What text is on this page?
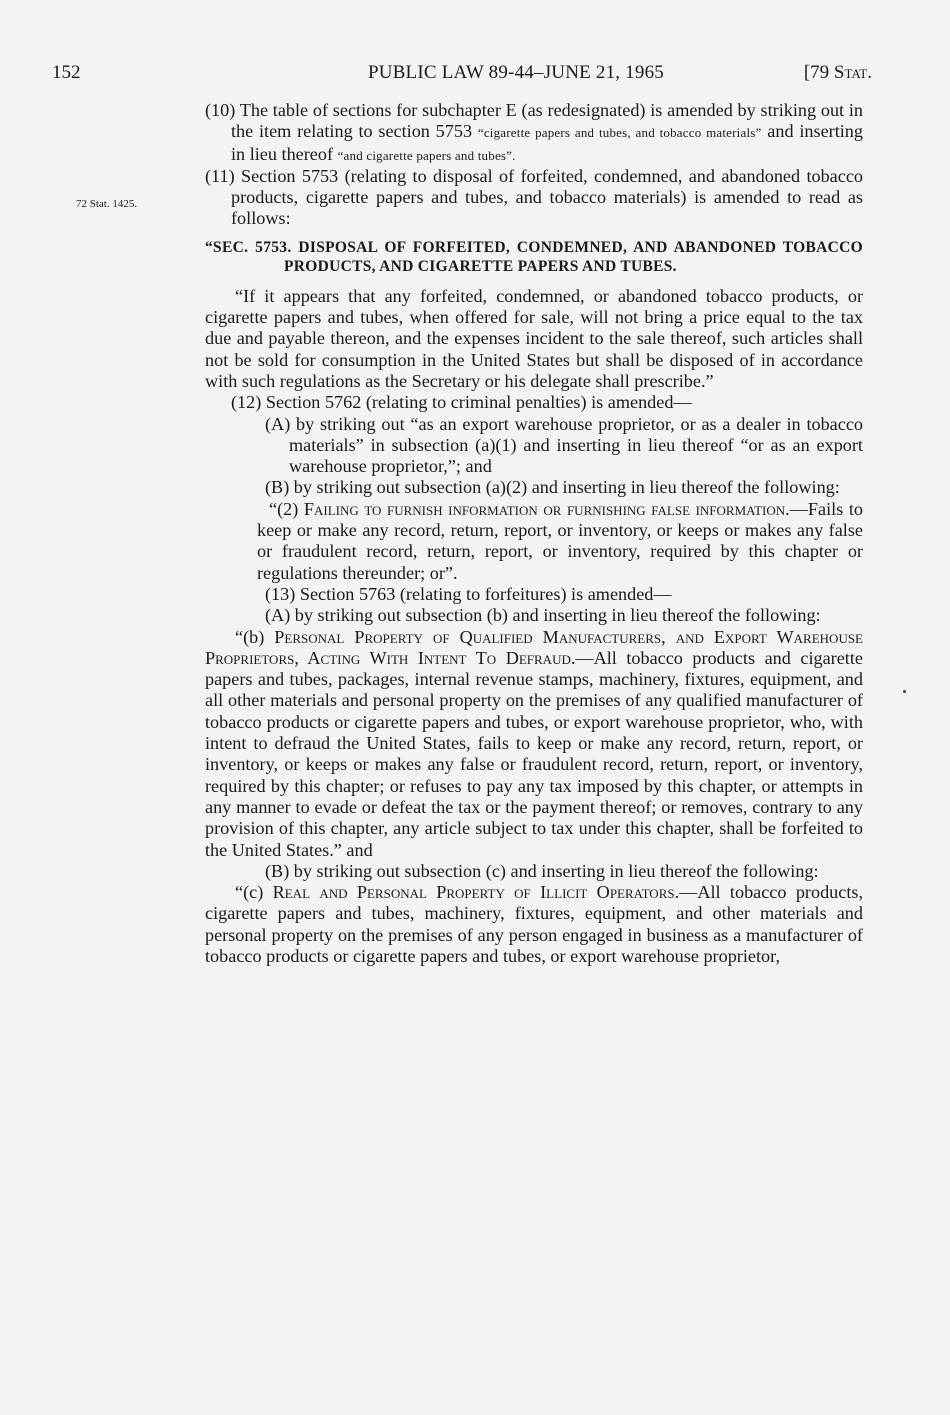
152	PUBLIC LAW 89-44–JUNE 21, 1965	[79 Stat.
72 Stat. 1425.

(10) The table of sections for subchapter E (as redesignated) is amended by striking out in the item relating to section 5753 “cigarette papers and tubes, and tobacco materials” and inserting in lieu thereof “and cigarette papers and tubes”.

(11) Section 5753 (relating to disposal of forfeited, condemned, and abandoned tobacco products, cigarette papers and tubes, and tobacco materials) is amended to read as follows:

“SEC. 5753. DISPOSAL OF FORFEITED, CONDEMNED, AND ABANDONED TOBACCO PRODUCTS, AND CIGARETTE PAPERS AND TUBES.

“If it appears that any forfeited, condemned, or abandoned tobacco products, or cigarette papers and tubes, when offered for sale, will not bring a price equal to the tax due and payable thereon, and the expenses incident to the sale thereof, such articles shall not be sold for consumption in the United States but shall be disposed of in accordance with such regulations as the Secretary or his delegate shall prescribe.”

(12) Section 5762 (relating to criminal penalties) is amended—

(A) by striking out “as an export warehouse proprietor, or as a dealer in tobacco materials” in subsection (a)(1) and inserting in lieu thereof “or as an export warehouse proprietor,”; and

(B) by striking out subsection (a)(2) and inserting in lieu thereof the following:

“(2) Failing to furnish information or furnishing false information.—Fails to keep or make any record, return, report, or inventory, or keeps or makes any false or fraudulent record, return, report, or inventory, required by this chapter or regulations thereunder; or”.

(13) Section 5763 (relating to forfeitures) is amended—

(A) by striking out subsection (b) and inserting in lieu thereof the following:

“(b) Personal Property of Qualified Manufacturers, and Export Warehouse Proprietors, Acting With Intent To Defraud.—All tobacco products and cigarette papers and tubes, packages, internal revenue stamps, machinery, fixtures, equipment, and all other materials and personal property on the premises of any qualified manufacturer of tobacco products or cigarette papers and tubes, or export warehouse proprietor, who, with intent to defraud the United States, fails to keep or make any record, return, report, or inventory, or keeps or makes any false or fraudulent record, return, report, or inventory, required by this chapter; or refuses to pay any tax imposed by this chapter, or attempts in any manner to evade or defeat the tax or the payment thereof; or removes, contrary to any provision of this chapter, any article subject to tax under this chapter, shall be forfeited to the United States.” and

(B) by striking out subsection (c) and inserting in lieu thereof the following:

“(c) Real and Personal Property of Illicit Operators.—All tobacco products, cigarette papers and tubes, machinery, fixtures, equipment, and other materials and personal property on the premises of any person engaged in business as a manufacturer of tobacco products or cigarette papers and tubes, or export warehouse proprietor,
